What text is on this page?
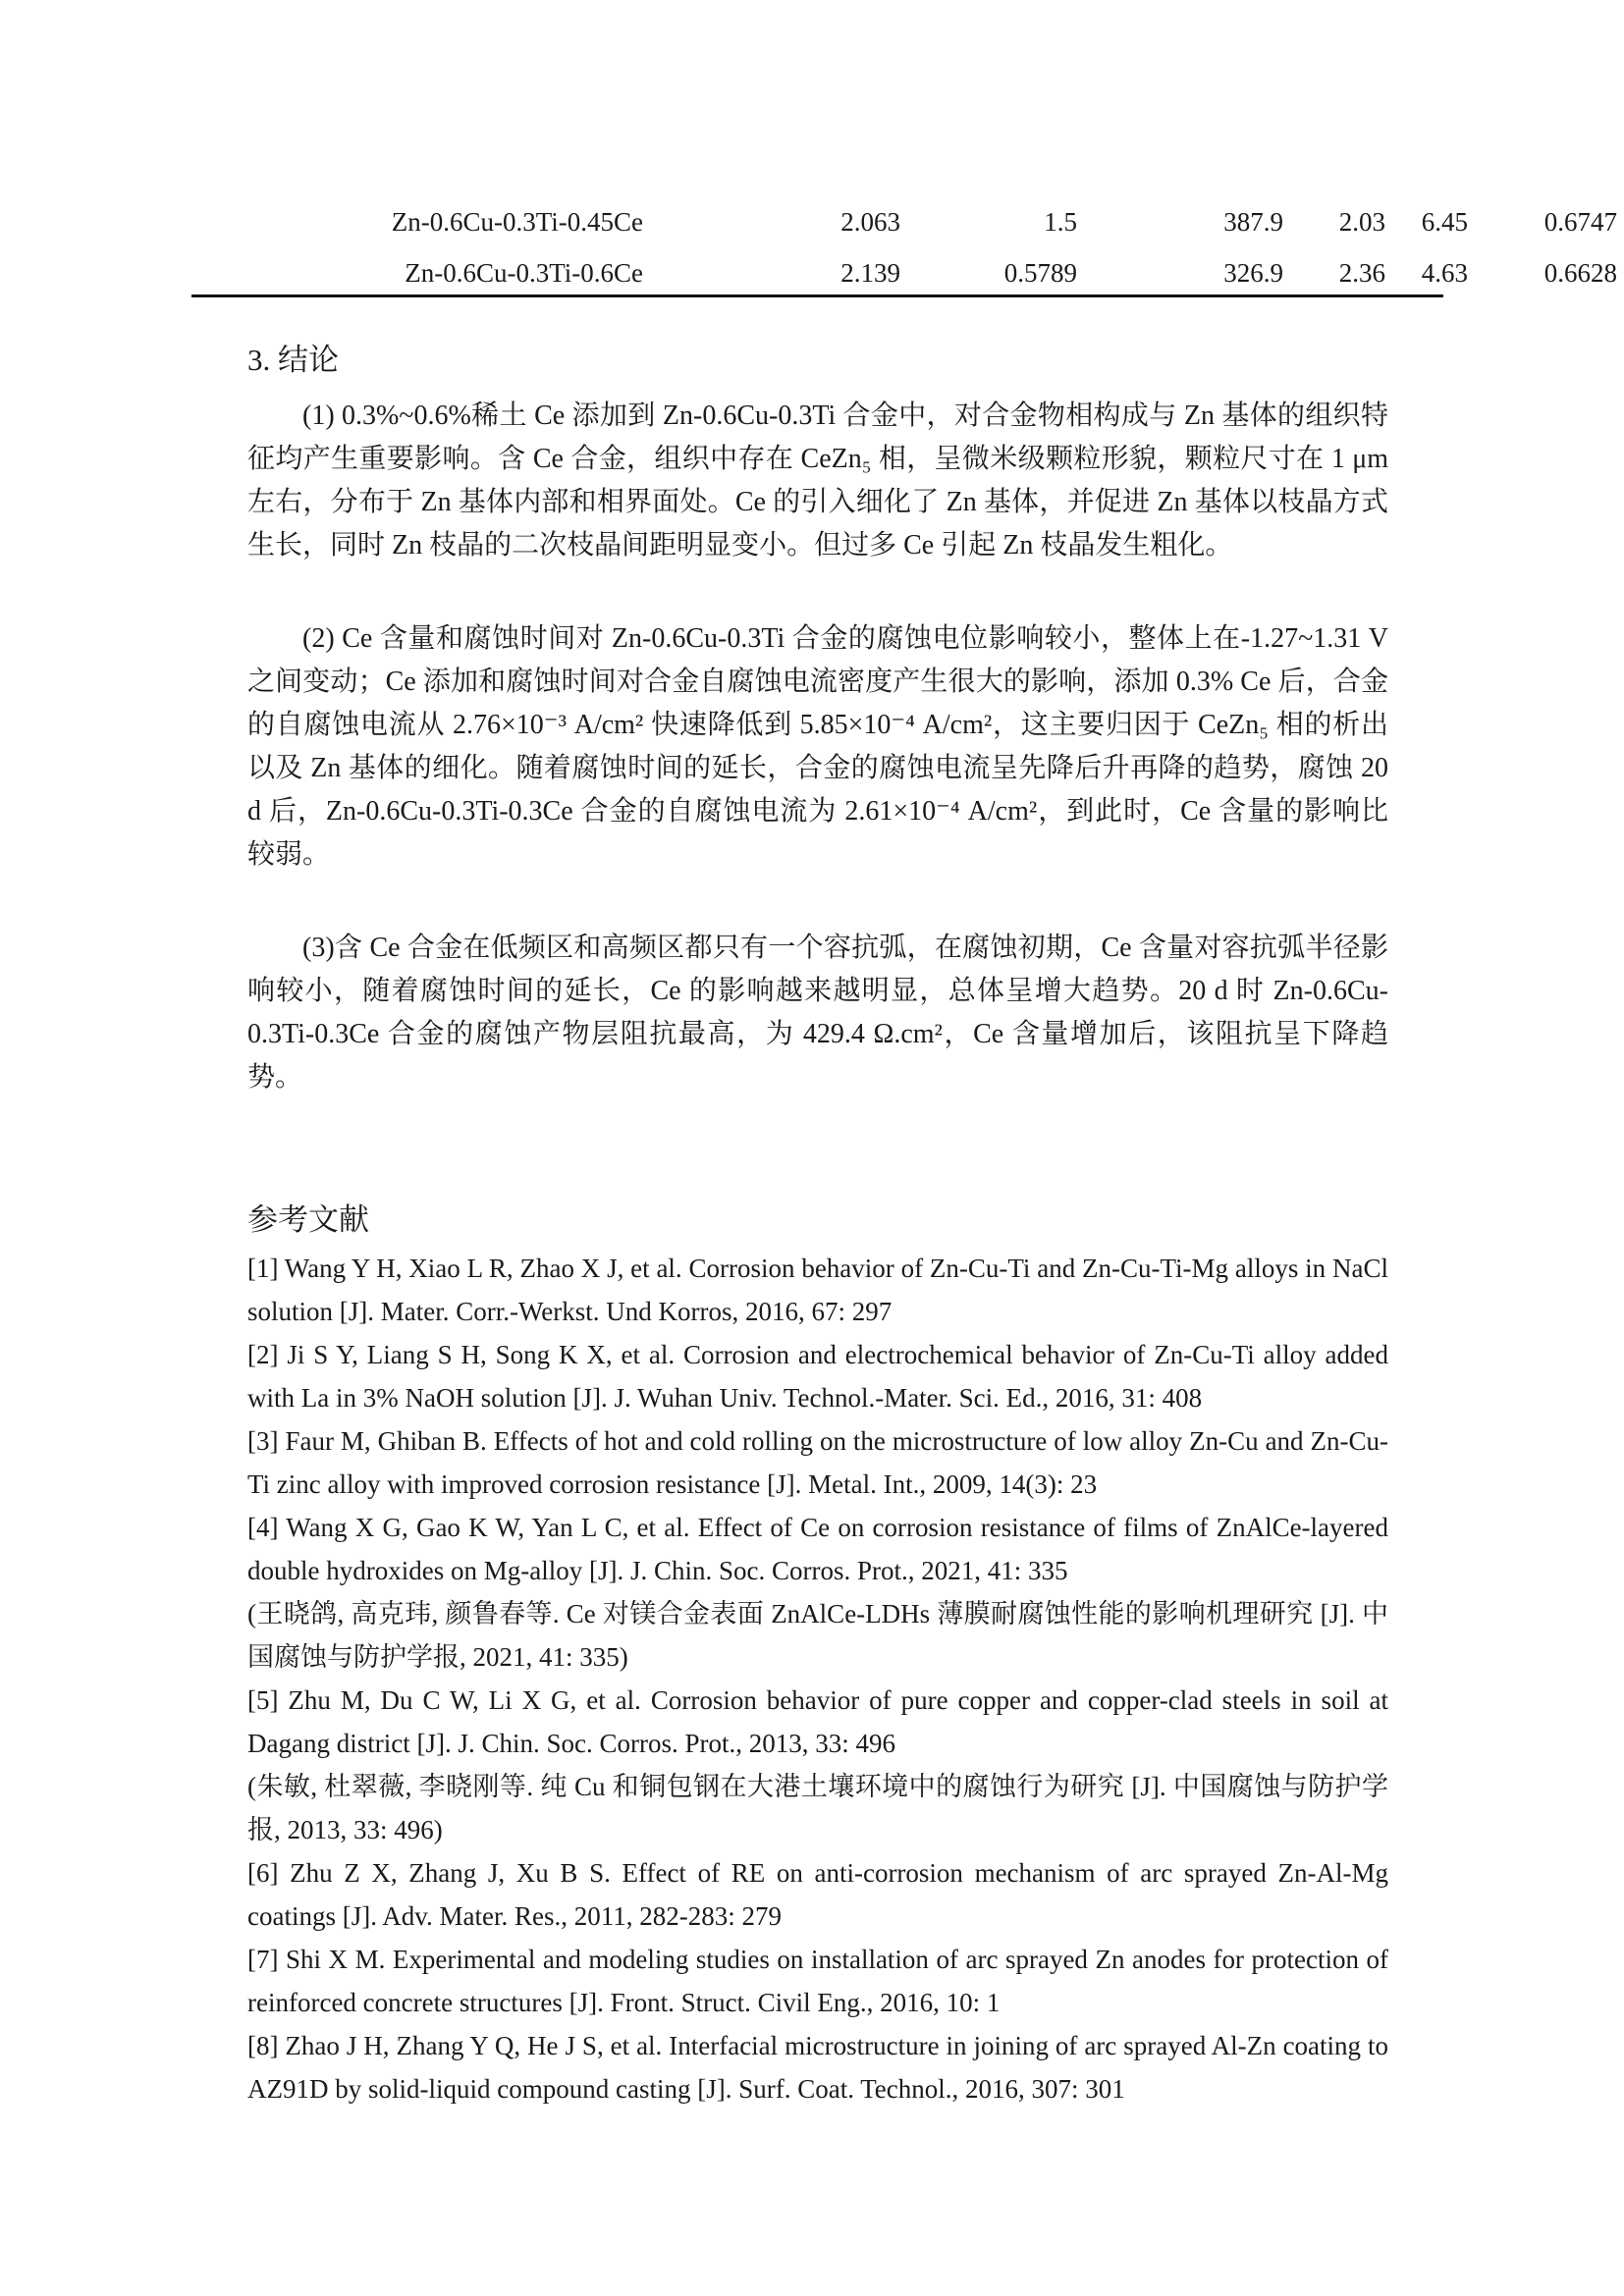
Zn-0.6Cu-0.3Ti-0.45Ce	2.063	1.5	387.9	2.03	6.45	0.6747
Zn-0.6Cu-0.3Ti-0.6Ce	2.139	0.5789	326.9	2.36	4.63	0.6628
3. 结论

(1) 0.3%~0.6%稀土 Ce 添加到 Zn-0.6Cu-0.3Ti 合金中，对合金物相构成与 Zn 基体的组织特征均产生重要影响。含 Ce 合金，组织中存在 CeZn₅ 相，呈微米级颗粒形貌，颗粒尺寸在 1 μm 左右，分布于 Zn 基体内部和相界面处。Ce 的引入细化了 Zn 基体，并促进 Zn 基体以枝晶方式生长，同时 Zn 枝晶的二次枝晶间距明显变小。但过多 Ce 引起 Zn 枝晶发生粗化。

(2) Ce 含量和腐蚀时间对 Zn-0.6Cu-0.3Ti 合金的腐蚀电位影响较小，整体上在-1.27~1.31 V 之间变动；Ce 添加和腐蚀时间对合金自腐蚀电流密度产生很大的影响，添加 0.3% Ce 后，合金的自腐蚀电流从 2.76×10⁻³ A/cm² 快速降低到 5.85×10⁻⁴ A/cm²，这主要归因于 CeZn₅ 相的析出以及 Zn 基体的细化。随着腐蚀时间的延长，合金的腐蚀电流呈先降后升再降的趋势，腐蚀 20 d 后，Zn-0.6Cu-0.3Ti-0.3Ce 合金的自腐蚀电流为 2.61×10⁻⁴ A/cm²，到此时，Ce 含量的影响比较弱。

(3)含 Ce 合金在低频区和高频区都只有一个容抗弧，在腐蚀初期，Ce 含量对容抗弧半径影响较小，随着腐蚀时间的延长，Ce 的影响越来越明显，总体呈增大趋势。20 d 时 Zn-0.6Cu-0.3Ti-0.3Ce 合金的腐蚀产物层阻抗最高，为 429.4 Ω.cm²，Ce 含量增加后，该阻抗呈下降趋势。

参考文献

[1] Wang Y H, Xiao L R, Zhao X J, et al. Corrosion behavior of Zn-Cu-Ti and Zn-Cu-Ti-Mg alloys in NaCl solution [J]. Mater. Corr.-Werkst. Und Korros, 2016, 67: 297

[2] Ji S Y, Liang S H, Song K X, et al. Corrosion and electrochemical behavior of Zn-Cu-Ti alloy added with La in 3% NaOH solution [J]. J. Wuhan Univ. Technol.-Mater. Sci. Ed., 2016, 31: 408

[3] Faur M, Ghiban B. Effects of hot and cold rolling on the microstructure of low alloy Zn-Cu and Zn-Cu-Ti zinc alloy with improved corrosion resistance [J]. Metal. Int., 2009, 14(3): 23

[4] Wang X G, Gao K W, Yan L C, et al. Effect of Ce on corrosion resistance of films of ZnAlCe-layered double hydroxides on Mg-alloy [J]. J. Chin. Soc. Corros. Prot., 2021, 41: 335

(王晓鸽, 高克玮, 颜鲁春等. Ce 对镁合金表面 ZnAlCe-LDHs 薄膜耐腐蚀性能的影响机理研究 [J]. 中国腐蚀与防护学报, 2021, 41: 335)

[5] Zhu M, Du C W, Li X G, et al. Corrosion behavior of pure copper and copper-clad steels in soil at Dagang district [J]. J. Chin. Soc. Corros. Prot., 2013, 33: 496

(朱敏, 杜翠薇, 李晓刚等. 纯 Cu 和铜包钢在大港土壤环境中的腐蚀行为研究 [J]. 中国腐蚀与防护学报, 2013, 33: 496)

[6] Zhu Z X, Zhang J, Xu B S. Effect of RE on anti-corrosion mechanism of arc sprayed Zn-Al-Mg coatings [J]. Adv. Mater. Res., 2011, 282-283: 279

[7] Shi X M. Experimental and modeling studies on installation of arc sprayed Zn anodes for protection of reinforced concrete structures [J]. Front. Struct. Civil Eng., 2016, 10: 1

[8] Zhao J H, Zhang Y Q, He J S, et al. Interfacial microstructure in joining of arc sprayed Al-Zn coating to AZ91D by solid-liquid compound casting [J]. Surf. Coat. Technol., 2016, 307: 301
